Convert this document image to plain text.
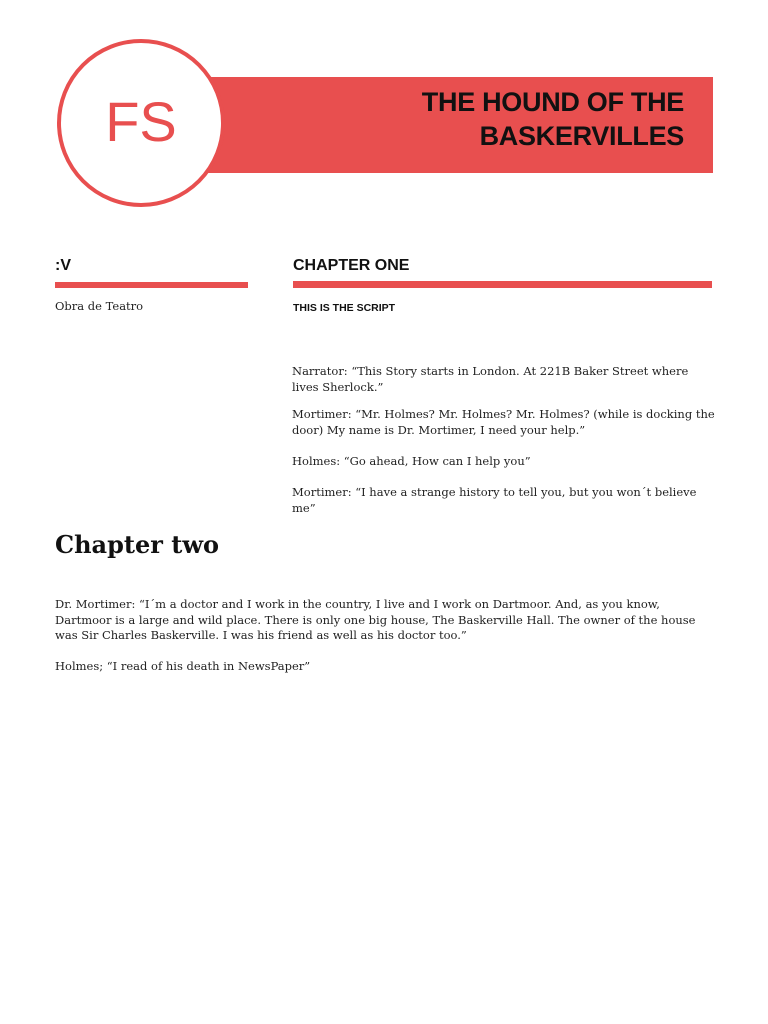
THE HOUND OF THE
BASKERVILLES
FS
:V
Obra de Teatro
CHAPTER ONE
THIS IS THE SCRIPT

Narrator: “This Story starts in London. At 221B Baker Street where lives Sherlock.”

Mortimer: “Mr. Holmes? Mr. Holmes? Mr. Holmes? (while is docking the door) My name is Dr. Mortimer, I need your help.”

Holmes: “Go ahead, How can I help you”

Mortimer: “I have a strange history to tell you, but you won´t believe me”

Chapter two

Dr. Mortimer: “I´m a doctor and I work in the country, I live and I work on Dartmoor. And, as you know, Dartmoor is a large and wild place. There is only one big house, The Baskerville Hall. The owner of the house was Sir Charles Baskerville. I was his friend as well as his doctor too.”

Holmes; “I read of his death in NewsPaper”
